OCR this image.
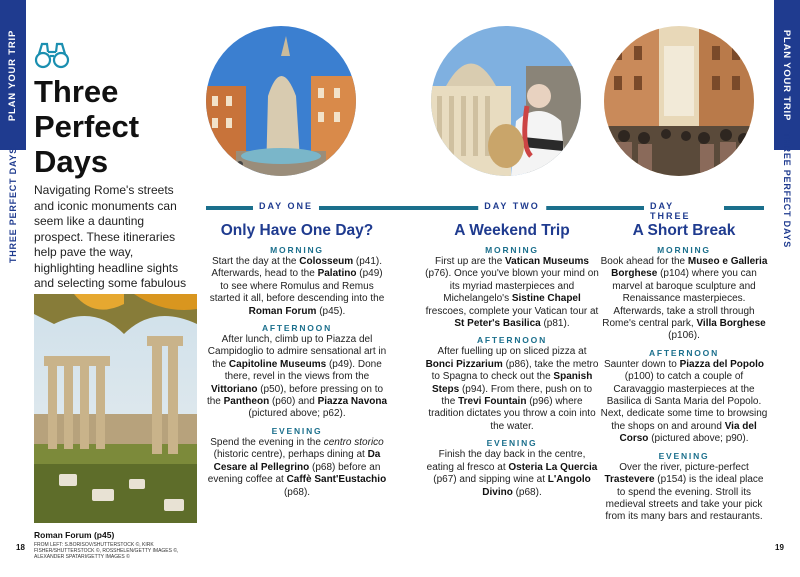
PLAN YOUR TRIP
THREE PERFECT DAYS
PLAN YOUR TRIP
THREE PERFECT DAYS
Three
Perfect
Days

Navigating Rome's streets and iconic monuments can seem like a daunting prospect. These itineraries help pave the way, highlighting headline sights and selecting some fabulous

Roman Forum (p45)
FROM LEFT: S.BORISOV/SHUTTERSTOCK ©, KIRK FISHER/SHUTTERSTOCK ©, ROSSHELEN/GETTY IMAGES ©, ALEXANDER SPATARI/GETTY IMAGES ©
18	19
DAY ONE	DAY TWO	DAY THREE
Only Have One Day?
MORNING

Start the day at the Colosseum (p41). Afterwards, head to the Palatino (p49) to see where Romulus and Remus started it all, before descending into the Roman Forum (p45).

AFTERNOON

After lunch, climb up to Piazza del Campidoglio to admire sensational art in the Capitoline Museums (p49). Done there, revel in the views from the Vittoriano (p50), before pressing on to the Pantheon (p60) and Piazza Navona (pictured above; p62).

EVENING

Spend the evening in the centro storico (historic centre), perhaps dining at Da Cesare al Pellegrino (p68) before an evening coffee at Caffè Sant'Eustachio (p68).

A Weekend Trip
MORNING

First up are the Vatican Museums (p76). Once you've blown your mind on its myriad masterpieces and Michelangelo's Sistine Chapel frescoes, complete your Vatican tour at St Peter's Basilica (p81).

AFTERNOON

After fuelling up on sliced pizza at Bonci Pizzarium (p86), take the metro to Spagna to check out the Spanish Steps (p94). From there, push on to the Trevi Fountain (p96) where tradition dictates you throw a coin into the water.

EVENING

Finish the day back in the centre, eating al fresco at Osteria La Quercia (p67) and sipping wine at L'Angolo Divino (p68).

A Short Break
MORNING

Book ahead for the Museo e Galleria Borghese (p104) where you can marvel at baroque sculpture and Renaissance masterpieces. Afterwards, take a stroll through Rome's central park, Villa Borghese (p106).

AFTERNOON

Saunter down to Piazza del Popolo (p100) to catch a couple of Caravaggio masterpieces at the Basilica di Santa Maria del Popolo. Next, dedicate some time to browsing the shops on and around Via del Corso (pictured above; p90).

EVENING

Over the river, picture-perfect Trastevere (p154) is the ideal place to spend the evening. Stroll its medieval streets and take your pick from its many bars and restaurants.
